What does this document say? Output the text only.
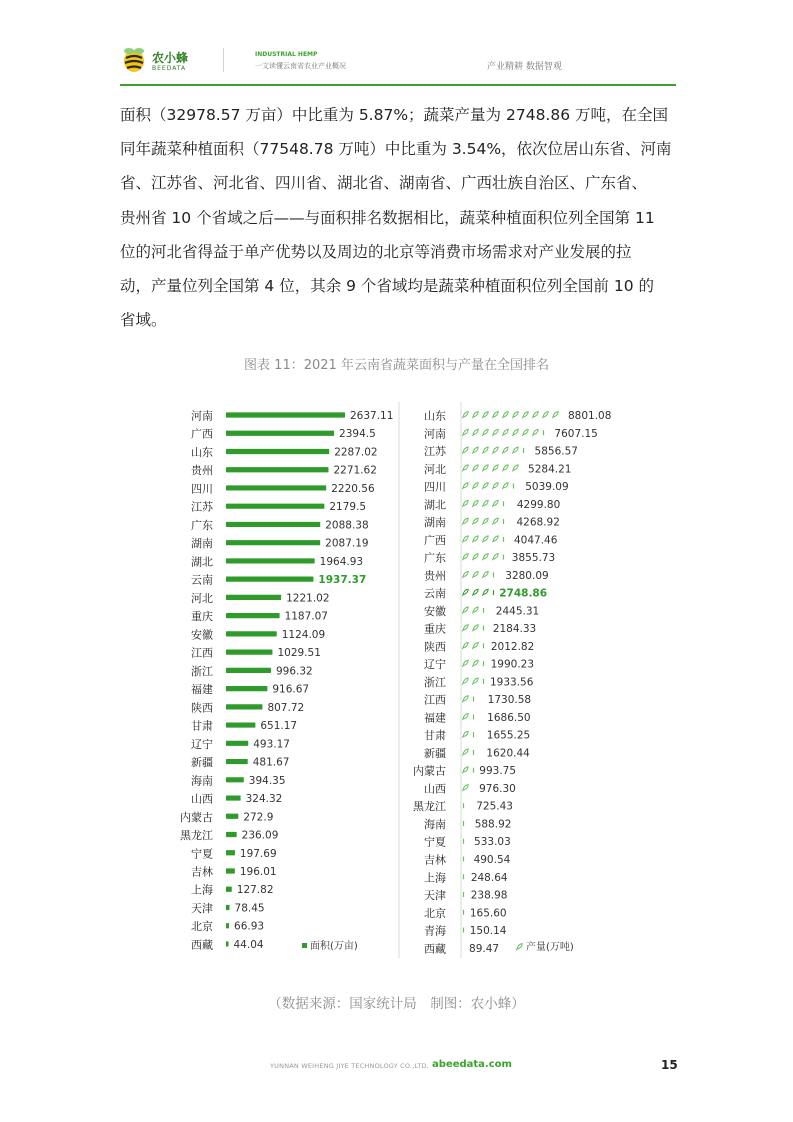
农小蜂
BEEDATA
INDUSTRIAL HEMP
一文读懂云南省农业产业概况	产业精耕 数据智观
面积（32978.57 万亩）中比重为 5.87%；蔬菜产量为 2748.86 万吨，在全国
同年蔬菜种植面积（77548.78 万吨）中比重为 3.54%，依次位居山东省、河南
省、江苏省、河北省、四川省、湖北省、湖南省、广西壮族自治区、广东省、
贵州省 10 个省域之后——与面积排名数据相比，蔬菜种植面积位列全国第 11
位的河北省得益于单产优势以及周边的北京等消费市场需求对产业发展的拉
动，产量位列全国第 4 位，其余 9 个省域均是蔬菜种植面积位列全国前 10 的
省域。
图表 11：2021 年云南省蔬菜面积与产量在全国排名
河南	2637.11
广西	2394.5
山东	2287.02
贵州	2271.62
四川	2220.56
江苏	2179.5
广东	2088.38
湖南	2087.19
湖北	1964.93
云南	1937.37
河北	1221.02
重庆	1187.07
安徽	1124.09
江西	1029.51
浙江	996.32
福建	916.67
陕西	807.72
甘肃	651.17
辽宁	493.17
新疆	481.67
海南	394.35
山西	324.32
内蒙古	272.9
黑龙江	236.09
宁夏	197.69
吉林	196.01
上海 127.82
天津 78.45
北京 66.93
西藏 44.04	面积(万亩)
山东	8801.08
河南	7607.15
江苏	5856.57
河北	5284.21
四川	5039.09
湖北	4299.80
湖南	4268.92
广西	4047.46
广东	3855.73
贵州	3280.09
云南	2748.86
安徽	2445.31
重庆	2184.33
陕西	2012.82
辽宁	1990.23
浙江	1933.56
江西	1730.58
福建	1686.50
甘肃	1655.25
新疆	1620.44
内蒙古	993.75
山西	976.30
黑龙江	725.43
海南	588.92
宁夏	533.03
吉林	490.54
上海 248.64
天津 238.98
北京 165.60
青海 150.14
西藏 89.47	产量(万吨)
（数据来源：国家统计局　制图：农小蜂）
YUNNAN WEIHENG JIYE TECHNOLOGY CO.,LTD. abeedata.com	15
